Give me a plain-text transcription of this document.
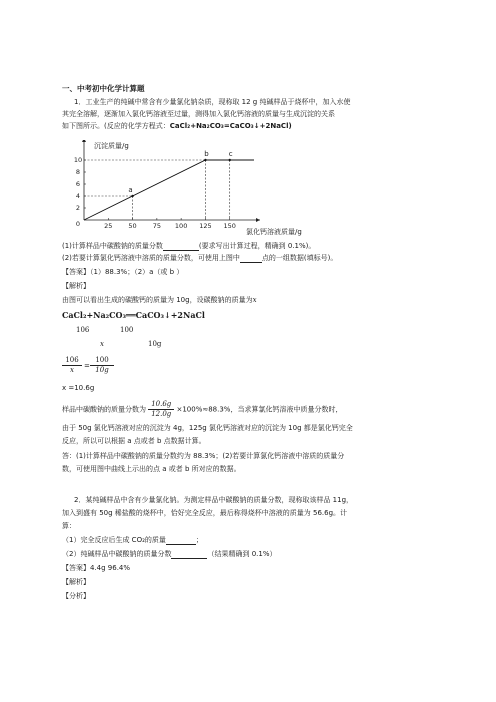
一、中考初中化学计算题
1．工业生产的纯碱中常含有少量氯化钠杂质，现称取 12 g 纯碱样品于烧杯中，加入水使
其完全溶解，逐渐加入氯化钙溶液至过量，测得加入氯化钙溶液的质量与生成沉淀的关系
如下图所示。(反应的化学方程式：CaCl₂+Na₂CO₃=CaCO₃↓+2NaCl)
沉淀质量/g
氯化钙溶液质量/g
0	25 50 75 100 125 150
2
4
6
8
10
a
b	c
(1)计算样品中碳酸钠的质量分数	(要求写出计算过程，精确到 0.1%)。
(2)若要计算氯化钙溶液中溶质的质量分数，可使用上图中	点的一组数据(填标号)。
【答案】（1）88.3%；（2）a（或 b ）
【解析】
由图可以看出生成的碳酸钙的质量为 10g，设碳酸钠的质量为x
CaCl₂+Na₂CO₃══CaCO₃↓+2NaCl
106	100
x	10g
106
x	=
100
10g
x =10.6g
样品中碳酸钠的质量分数为 $\frac{10.6g}{12.0g} \times 100\%\approx 88.3\%$，当求算氯化钙溶液中质量分数时，
由于 50g 氯化钙溶液对应的沉淀为 4g，125g 氯化钙溶液对应的沉淀为 10g 都是氯化钙完全
反应，所以可以根据 a 点或者 b 点数据计算。
答：(1)计算样品中碳酸钠的质量分数约为 88.3%；(2)若要计算氯化钙溶液中溶质的质量分
数，可使用图中曲线上示出的点 a 或者 b 所对应的数据。
2．某纯碱样品中含有少量氯化钠。为测定样品中碳酸钠的质量分数，现称取该样品 11g，
加入到盛有 50g 稀盐酸的烧杯中，恰好完全反应，最后称得烧杯中溶液的质量为 56.6g。计
算：
（1）完全反应后生成 CO₂的质量	；
（2）纯碱样品中碳酸钠的质量分数	（结果精确到 0.1%）
【答案】4.4g 96.4%
【解析】
【分析】
